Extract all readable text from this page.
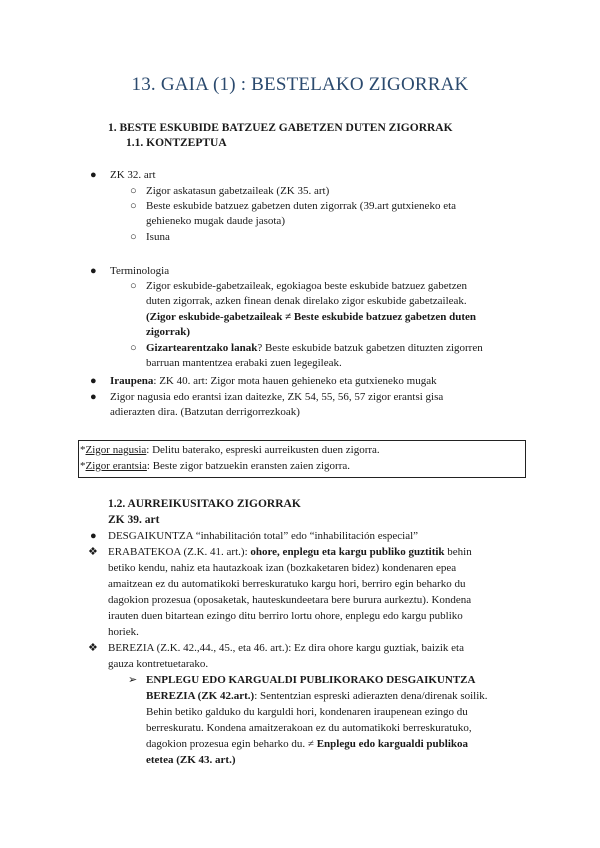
13. GAIA (1) : BESTELAKO ZIGORRAK
1. BESTE ESKUBIDE BATZUEZ GABETZEN DUTEN ZIGORRAK
1.1. KONTZEPTUA
● ZK 32. art
○ Zigor askatasun gabetzaileak (ZK 35. art)
○ Beste eskubide batzuez gabetzen duten zigorrak (39.art gutxieneko eta
gehieneko mugak daude jasota)
○ Isuna
● Terminologia
○ Zigor eskubide-gabetzaileak, egokiagoa beste eskubide batzuez gabetzen
duten zigorrak, azken finean denak direlako zigor eskubide gabetzaileak.
(Zigor eskubide-gabetzaileak ≠ Beste eskubide batzuez gabetzen duten
zigorrak)
○ Gizartearentzako lanak? Beste eskubide batzuk gabetzen dituzten zigorren
barruan mantentzea erabaki zuen legegileak.
● Iraupena: ZK 40. art: Zigor mota hauen gehieneko eta gutxieneko mugak
● Zigor nagusia edo erantsi izan daitezke, ZK 54, 55, 56, 57 zigor erantsi gisa
adierazten dira. (Batzutan derrigorrezkoak)
*Zigor nagusia: Delitu baterako, espreski aurreikusten duen zigorra.
*Zigor erantsia: Beste zigor batzuekin eransten zaien zigorra.
1.2. AURREIKUSITAKO ZIGORRAK
ZK 39. art
● DESGAIKUNTZA “inhabilitación total” edo “inhabilitación especial”
❖ ERABATEKOA (Z.K. 41. art.): ohore, enplegu eta kargu publiko guztitik behin
betiko kendu, nahiz eta hautazkoak izan (bozkaketaren bidez) kondenaren epea
amaitzean ez du automatikoki berreskuratuko kargu hori, berriro egin beharko du
dagokion prozesua (oposaketak, hauteskundeetara bere burura aurkeztu). Kondena
irauten duen bitartean ezingo ditu berriro lortu ohore, enplegu edo kargu publiko
horiek.
❖ BEREZIA (Z.K. 42.,44., 45., eta 46. art.): Ez dira ohore kargu guztiak, baizik eta
gauza kontretuetarako.
➢ ENPLEGU EDO KARGUALDI PUBLIKORAKO DESGAIKUNTZA
BEREZIA (ZK 42.art.): Sententzian espreski adierazten dena/direnak soilik.
Behin betiko galduko du karguldi hori, kondenaren iraupenean ezingo du
berreskuratu. Kondena amaitzerakoan ez du automatikoki berreskuratuko,
dagokion prozesua egin beharko du. ≠ Enplegu edo kargualdi publikoa
etetea (ZK 43. art.)
